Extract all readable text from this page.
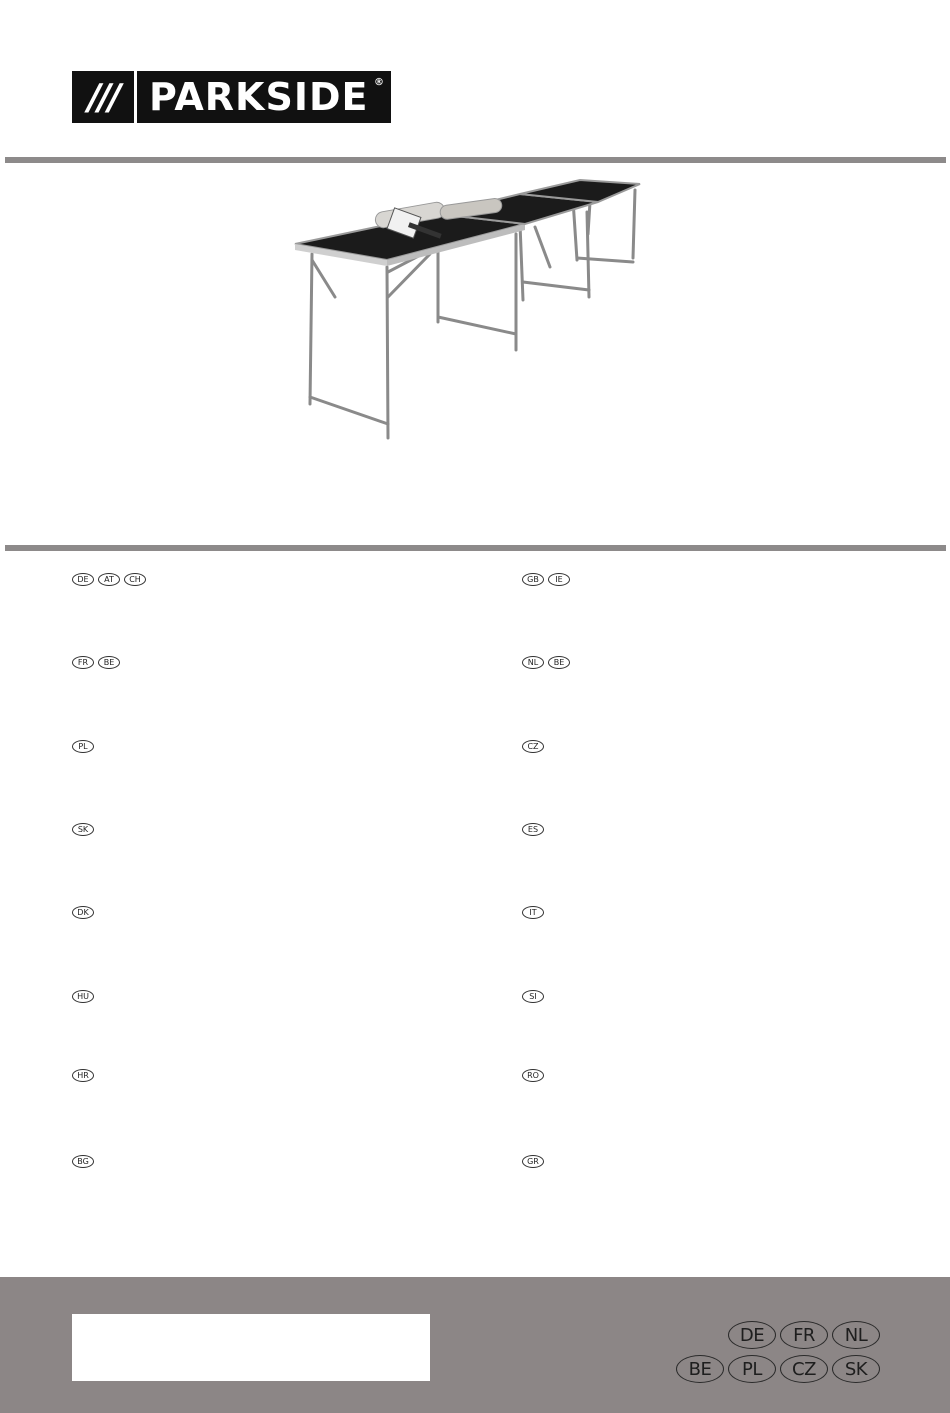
/// PARKSIDE ®
DE	AT	CH
FR	BE
PL
SK
DK
HU
HR
BG
GB	IE
NL	BE
CZ
ES
IT
SI
RO
GR
DE	FR	NL
BE	PL	CZ	SK
